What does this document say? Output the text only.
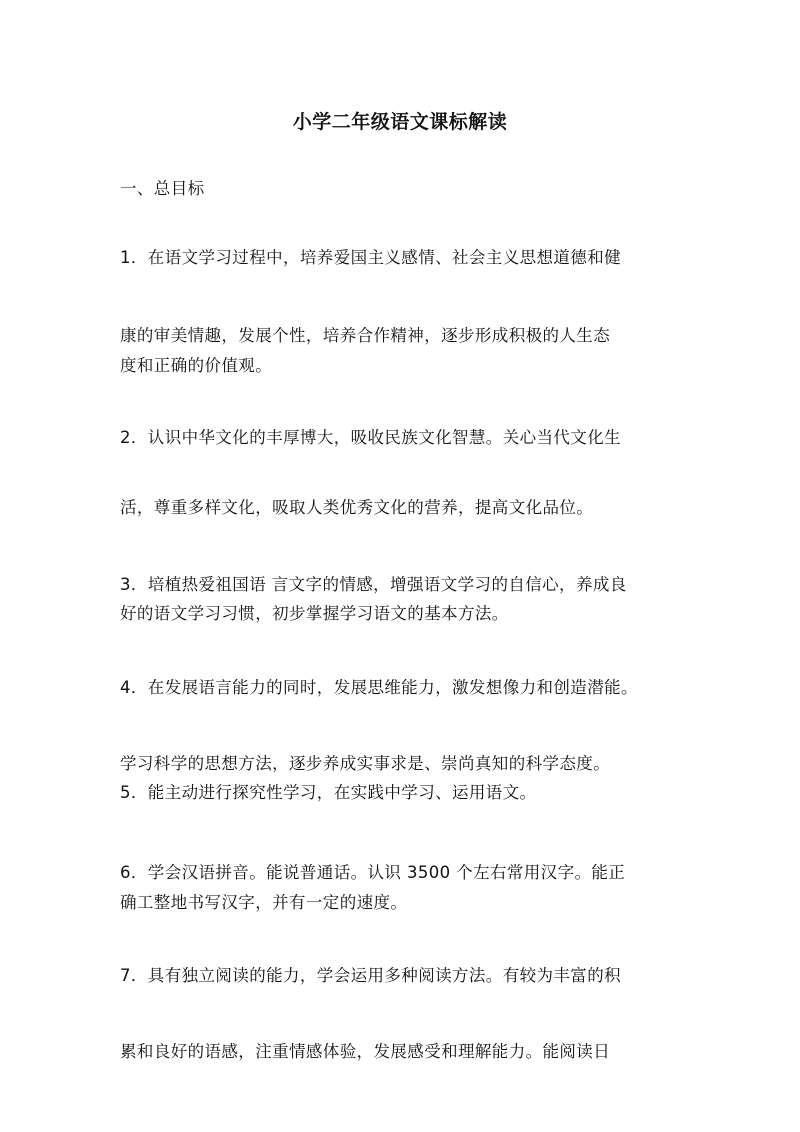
小学二年级语文课标解读
一、总目标
1．在语文学习过程中，培养爱国主义感情、社会主义思想道德和健
康的审美情趣，发展个性，培养合作精神，逐步形成积极的人生态
度和正确的价值观。
2．认识中华文化的丰厚博大，吸收民族文化智慧。关心当代文化生
活，尊重多样文化，吸取人类优秀文化的营养，提高文化品位。
3．培植热爱祖国语 言文字的情感，增强语文学习的自信心，养成良
好的语文学习习惯，初步掌握学习语文的基本方法。
4．在发展语言能力的同时，发展思维能力，激发想像力和创造潜能。
学习科学的思想方法，逐步养成实事求是、崇尚真知的科学态度。
5．能主动进行探究性学习，在实践中学习、运用语文。
6．学会汉语拼音。能说普通话。认识 3500 个左右常用汉字。能正
确工整地书写汉字，并有一定的速度。
7．具有独立阅读的能力，学会运用多种阅读方法。有较为丰富的积
累和良好的语感，注重情感体验，发展感受和理解能力。能阅读日
